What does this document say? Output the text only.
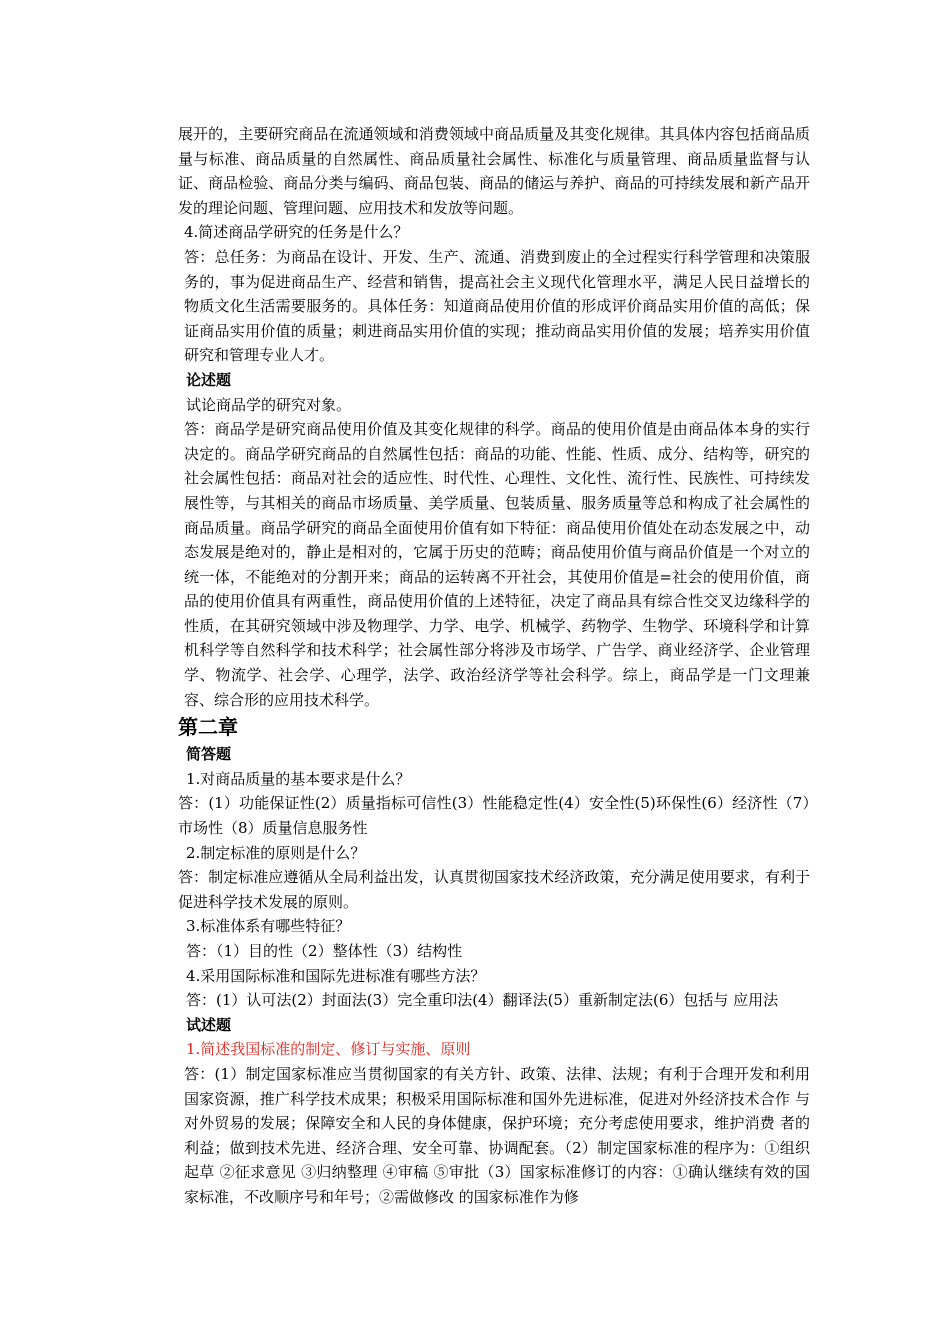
展开的，主要研究商品在流通领域和消费领域中商品质量及其变化规律。其具体内容包括商品质量与标准、商品质量的自然属性、商品质量社会属性、标准化与质量管理、商品质量监督与认证、商品检验、商品分类与编码、商品包装、商品的储运与养护、商品的可持续发展和新产品开发的理论问题、管理问题、应用技术和发放等问题。

4.简述商品学研究的任务是什么？

答：总任务：为商品在设计、开发、生产、流通、消费到废止的全过程实行科学管理和决策服务的，事为促进商品生产、经营和销售，提高社会主义现代化管理水平，满足人民日益增长的物质文化生活需要服务的。具体任务：知道商品使用价值的形成评价商品实用价值的高低；保证商品实用价值的质量；刺进商品实用价值的实现；推动商品实用价值的发展；培养实用价值研究和管理专业人才。

论述题

试论商品学的研究对象。

答：商品学是研究商品使用价值及其变化规律的科学。商品的使用价值是由商品体本身的实行决定的。商品学研究商品的自然属性包括：商品的功能、性能、性质、成分、结构等，研究的社会属性包括：商品对社会的适应性、时代性、心理性、文化性、流行性、民族性、可持续发展性等，与其相关的商品市场质量、美学质量、包装质量、服务质量等总和构成了社会属性的商品质量。商品学研究的商品全面使用价值有如下特征：商品使用价值处在动态发展之中，动态发展是绝对的，静止是相对的，它属于历史的范畴；商品使用价值与商品价值是一个对立的统一体，不能绝对的分割开来；商品的运转离不开社会，其使用价值是=社会的使用价值，商品的使用价值具有两重性，商品使用价值的上述特征，决定了商品具有综合性交叉边缘科学的性质，在其研究领域中涉及物理学、力学、电学、机械学、药物学、生物学、环境科学和计算机科学等自然科学和技术科学；社会属性部分将涉及市场学、广告学、商业经济学、企业管理学、物流学、社会学、心理学，法学、政治经济学等社会科学。综上，商品学是一门文理兼容、综合形的应用技术科学。

第二章

简答题

1.对商品质量的基本要求是什么？

答：(1）功能保证性(2）质量指标可信性(3）性能稳定性(4）安全性(5)环保性(6）经济性（7）市场性（8）质量信息服务性

2.制定标准的原则是什么？

答：制定标准应遵循从全局利益出发，认真贯彻国家技术经济政策，充分满足使用要求，有利于促进科学技术发展的原则。

3.标准体系有哪些特征？

答：（1）目的性（2）整体性（3）结构性

4.采用国际标准和国际先进标准有哪些方法？

答：(1）认可法(2）封面法(3）完全重印法(4）翻译法(5）重新制定法(6）包括与 应用法

试述题

1.简述我国标准的制定、修订与实施、原则

答：(1）制定国家标准应当贯彻国家的有关方针、政策、法律、法规；有利于合理开发和利用 国家资源，推广科学技术成果；积极采用国际标准和国外先进标准，促进对外经济技术合作 与对外贸易的发展；保障安全和人民的身体健康，保护环境；充分考虑使用要求，维护消费 者的利益；做到技术先进、经济合理、安全可靠、协调配套。（2）制定国家标准的程序为：①组织起草 ②征求意见 ③归纳整理 ④审稿 ⑤审批（3）国家标准修订的内容：①确认继续有效的国家标准，不改顺序号和年号；②需做修改 的国家标准作为修
